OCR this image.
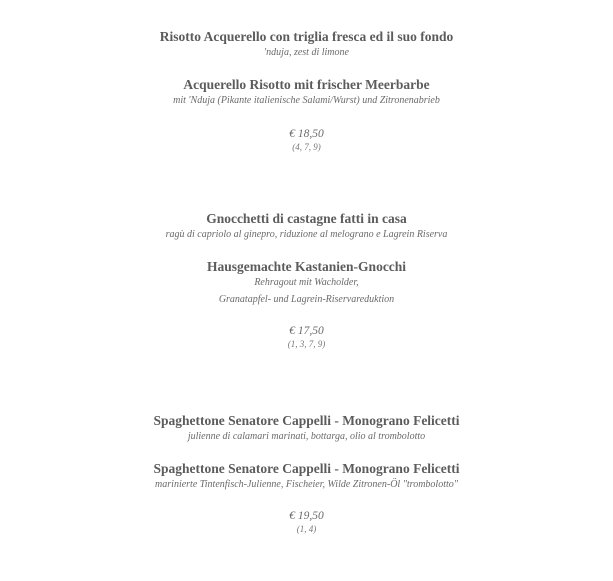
Risotto Acquerello con triglia fresca ed il suo fondo

'nduja, zest di limone

Acquerello Risotto mit frischer Meerbarbe

mit 'Nduja (Pikante italienische Salami/Wurst) und Zitronenabrieb

€ 18,50

(4, 7, 9)

Gnocchetti di castagne fatti in casa

ragù di capriolo al ginepro, riduzione al melograno e Lagrein Riserva

Hausgemachte Kastanien-Gnocchi

Rehragout mit Wacholder,

Granatapfel- und Lagrein-Riservareduktion

€ 17,50

(1, 3, 7, 9)

Spaghettone Senatore Cappelli - Monograno Felicetti

julienne di calamari marinati, bottarga, olio al trombolotto

Spaghettone Senatore Cappelli - Monograno Felicetti

marinierte Tintenfisch-Julienne, Fischeier, Wilde Zitronen-Öl "trombolotto"

€ 19,50

(1, 4)
